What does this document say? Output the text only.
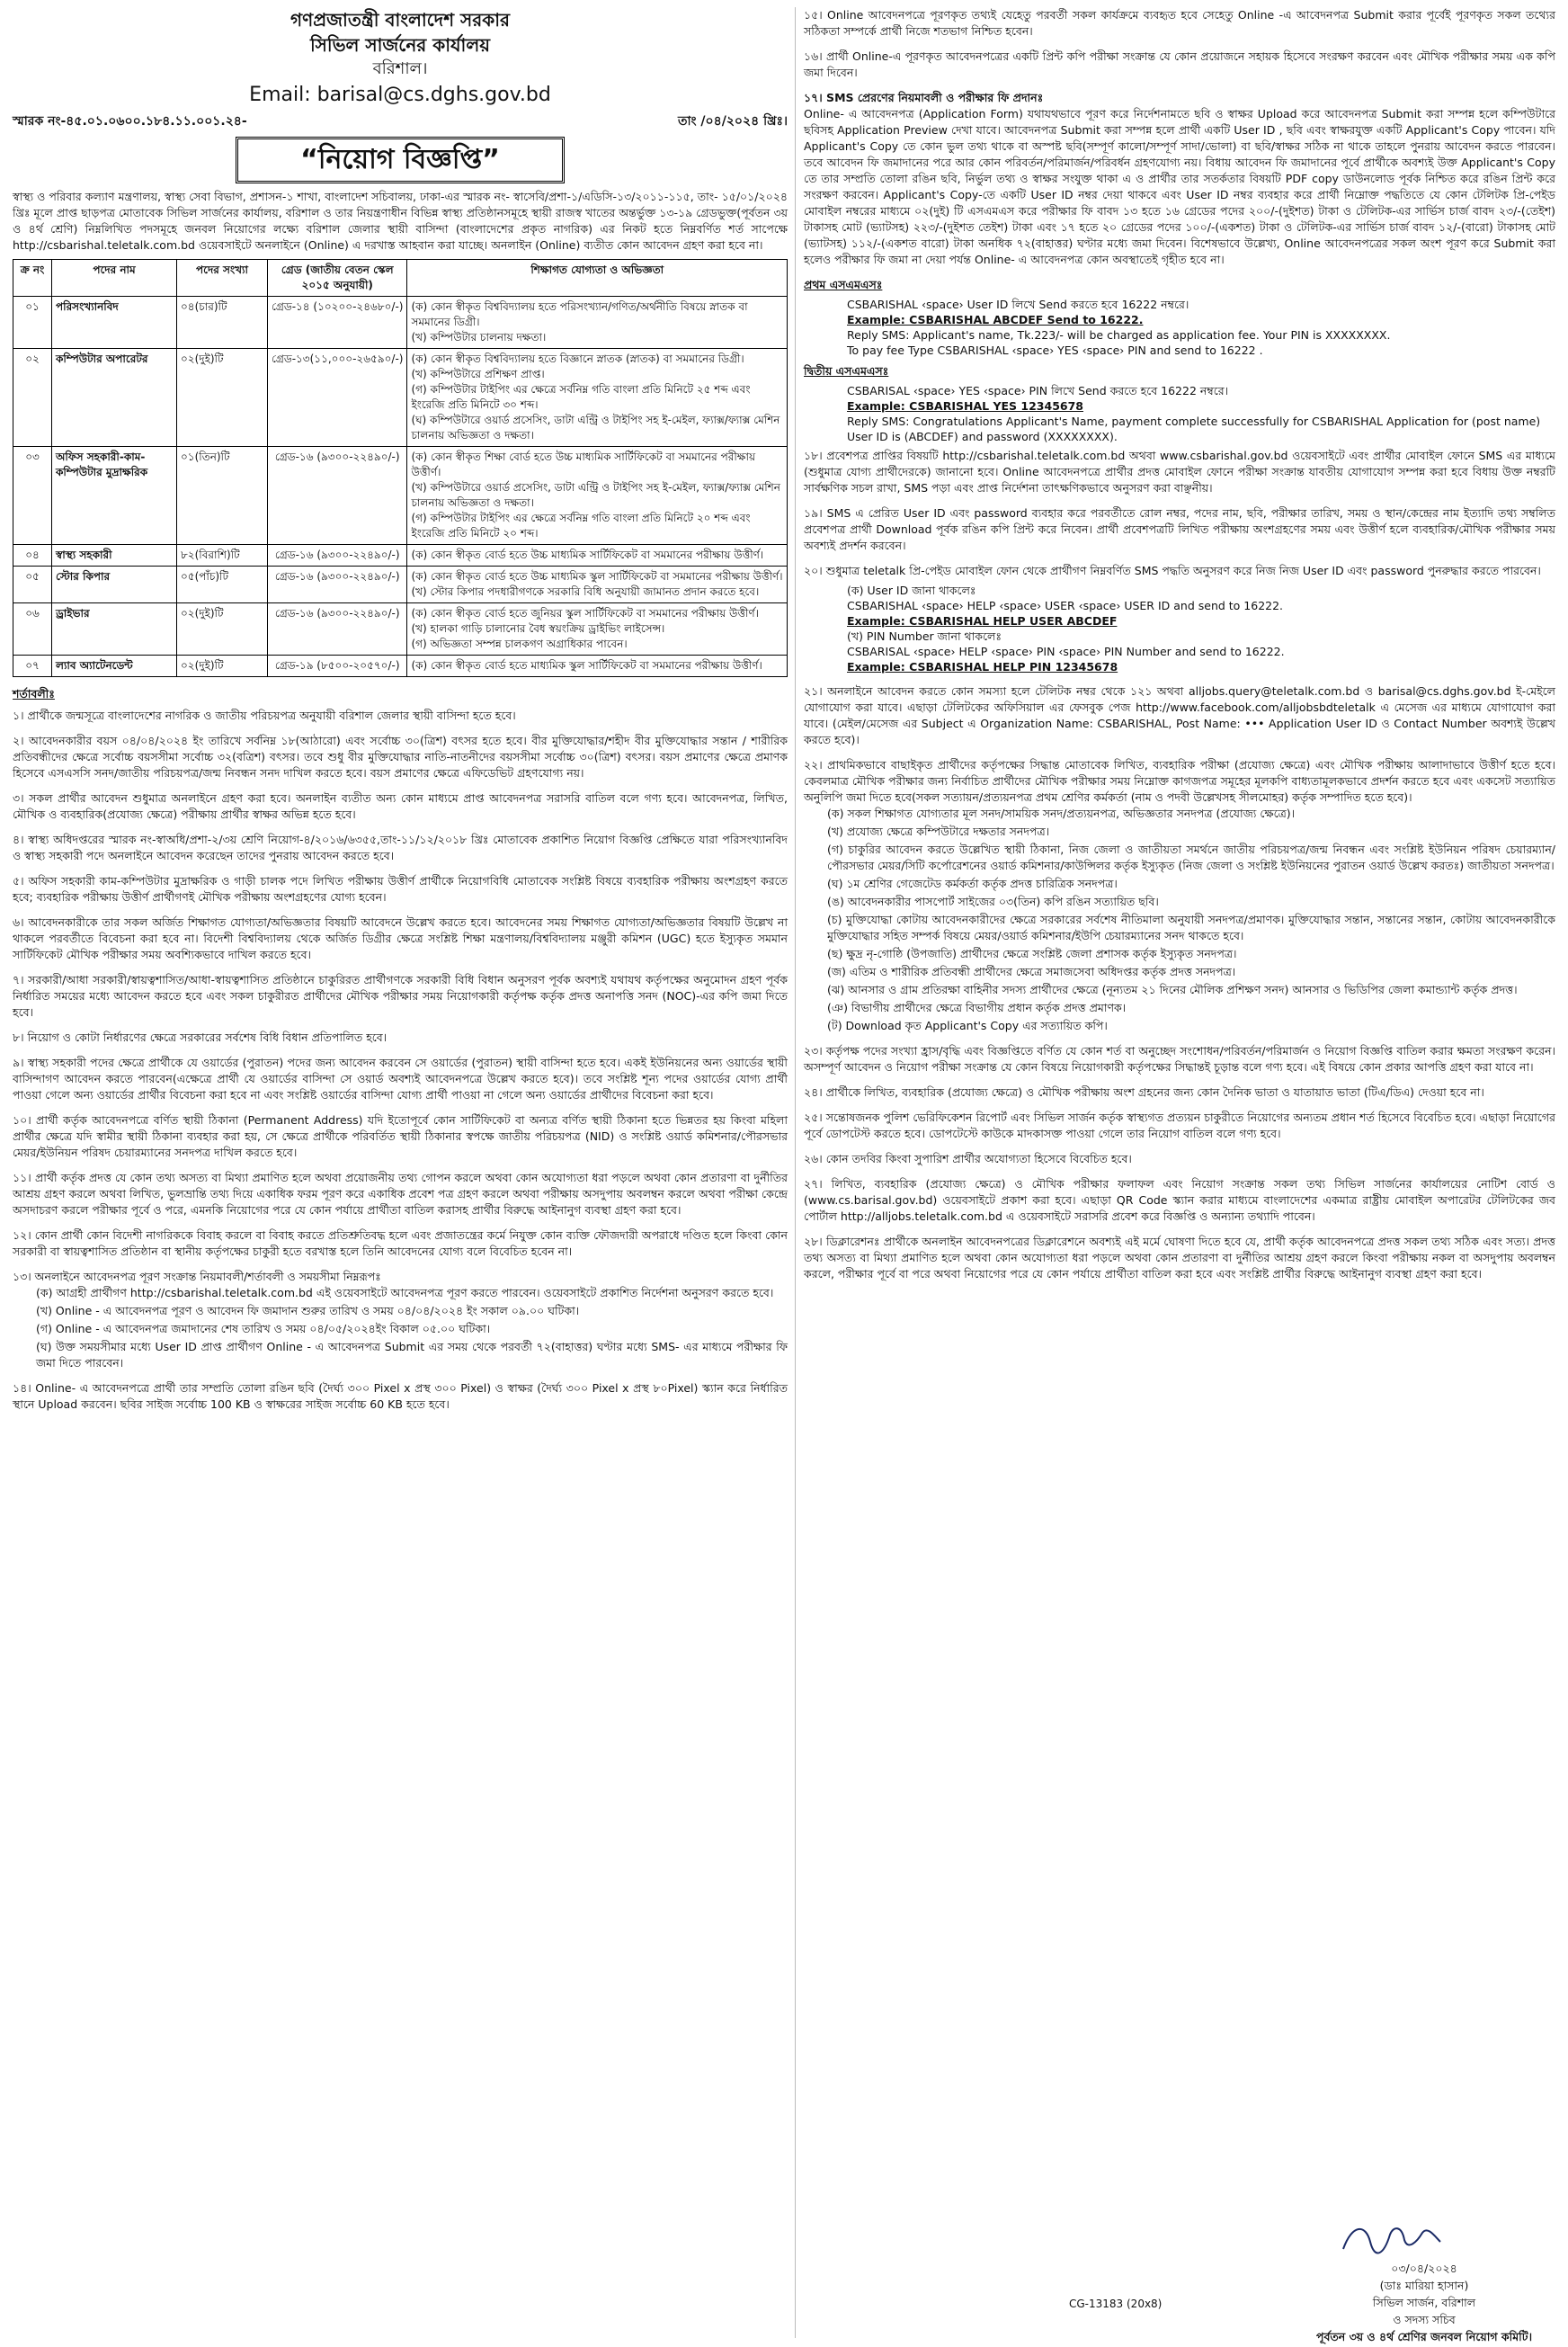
গণপ্রজাতন্ত্রী বাংলাদেশ সরকার
সিভিল সার্জনের কার্যালয়
বরিশাল।
Email: barisal@cs.dghs.gov.bd
স্মারক নং-৪৫.০১.০৬০০.১৮৪.১১.০০১.২৪-	তাং /০৪/২০২৪ খ্রিঃ।
“নিয়োগ বিজ্ঞপ্তি”

স্বাস্থ্য ও পরিবার কল্যাণ মন্ত্রণালয়, স্বাস্থ্য সেবা বিভাগ, প্রশাসন-১ শাখা, বাংলাদেশ সচিবালয়, ঢাকা-এর স্মারক নং- স্বাসেবি/প্রশা-১/এডিসি-১৩/২০১১-১১৫, তাং- ১৫/০১/২০২৪ খ্রিঃ মূলে প্রাপ্ত ছাড়পত্র মোতাবেক সিভিল সার্জনের কার্যালয়, বরিশাল ও তার নিয়ন্ত্রণাধীন বিভিন্ন স্বাস্থ্য প্রতিষ্ঠানসমূহে স্থায়ী রাজস্ব খাতের অন্তর্ভুক্ত ১৩-১৯ গ্রেডভুক্ত(পূর্বতন ৩য় ও ৪র্থ শ্রেণি) নিম্নলিখিত পদসমূহে জনবল নিয়োগের লক্ষ্যে বরিশাল জেলার স্থায়ী বাসিন্দা (বাংলাদেশের প্রকৃত নাগরিক) এর নিকট হতে নিম্নবর্ণিত শর্ত সাপেক্ষে http://csbarishal.teletalk.com.bd ওয়েবসাইটে অনলাইনে (Online) এ দরখাস্ত আহবান করা যাচ্ছে। অনলাইন (Online) ব্যতীত কোন আবেদন গ্রহণ করা হবে না।

ক্র নং	পদের নাম	পদের সংখ্যা	গ্রেড (জাতীয় বেতন স্কেল ২০১৫ অনুযায়ী)	শিক্ষাগত যোগ্যতা ও অভিজ্ঞতা
০১	পরিসংখ্যানবিদ	০৪(চার)টি	গ্রেড-১৪ (১০২০০-২৪৬৮০/-)	(ক) কোন স্বীকৃত বিশ্ববিদ্যালয় হতে পরিসংখ্যান/গণিত/অর্থনীতি বিষয়ে স্নাতক বা সমমানের ডিগ্রী।
(খ) কম্পিউটার চালনায় দক্ষতা।

০২	কম্পিউটার অপারেটর	০২(দুই)টি	গ্রেড-১৩(১১,০০০-২৬৫৯০/-)	(ক) কোন স্বীকৃত বিশ্ববিদ্যালয় হতে বিজ্ঞানে স্নাতক (স্নাতক) বা সমমানের ডিগ্রী।
(খ) কম্পিউটারে প্রশিক্ষণ প্রাপ্ত।
(গ) কম্পিউটার টাইপিং এর ক্ষেত্রে সর্বনিম্ন গতি বাংলা প্রতি মিনিটে ২৫ শব্দ এবং ইংরেজি প্রতি মিনিটে ৩০ শব্দ।
(ঘ) কম্পিউটারে ওয়ার্ড প্রসেসিং, ডাটা এন্ট্রি ও টাইপিং সহ ই-মেইল, ফ্যাক্স/ফ্যাক্স মেশিন চালনায় অভিজ্ঞতা ও দক্ষতা।

০৩	অফিস সহকারী-কাম-কম্পিউটার মুদ্রাক্ষরিক	০১(তিন)টি	গ্রেড-১৬ (৯৩০০-২২৪৯০/-)	(ক) কোন স্বীকৃত শিক্ষা বোর্ড হতে উচ্চ মাধ্যমিক সার্টিফিকেট বা সমমানের পরীক্ষায় উত্তীর্ণ।
(খ) কম্পিউটারে ওয়ার্ড প্রসেসিং, ডাটা এন্ট্রি ও টাইপিং সহ ই-মেইল, ফ্যাক্স/ফ্যাক্স মেশিন চালনায় অভিজ্ঞতা ও দক্ষতা।
(গ) কম্পিউটার টাইপিং এর ক্ষেত্রে সর্বনিম্ন গতি বাংলা প্রতি মিনিটে ২০ শব্দ এবং ইংরেজি প্রতি মিনিটে ২০ শব্দ।

০৪	স্বাস্থ্য সহকারী	৮২(বিরাশি)টি	গ্রেড-১৬ (৯৩০০-২২৪৯০/-)	(ক) কোন স্বীকৃত বোর্ড হতে উচ্চ মাধ্যমিক সার্টিফিকেট বা সমমানের পরীক্ষায় উত্তীর্ণ।

০৫	স্টোর কিপার	০৫(পাঁচ)টি	গ্রেড-১৬ (৯৩০০-২২৪৯০/-)	(ক) কোন স্বীকৃত বোর্ড হতে উচ্চ মাধ্যমিক স্কুল সার্টিফিকেট বা সমমানের পরীক্ষায় উত্তীর্ণ।
(খ) স্টোর কিপার পদধারীগণকে সরকারি বিধি অনুযায়ী জামানত প্রদান করতে হবে।

০৬	ড্রাইভার	০২(দুই)টি	গ্রেড-১৬ (৯৩০০-২২৪৯০/-)	(ক) কোন স্বীকৃত বোর্ড হতে জুনিয়র স্কুল সার্টিফিকেট বা সমমানের পরীক্ষায় উত্তীর্ণ।
(খ) হালকা গাড়ি চালানোর বৈধ স্বয়ংক্রিয় ড্রাইভিং লাইসেন্স।
(গ) অভিজ্ঞতা সম্পন্ন চালকগণ অগ্রাধিকার পাবেন।

০৭	ল্যাব অ্যাটেনডেন্ট	০২(দুই)টি	গ্রেড-১৯ (৮৫০০-২০৫৭০/-)	(ক) কোন স্বীকৃত বোর্ড হতে মাধ্যমিক স্কুল সার্টিফিকেট বা সমমানের পরীক্ষায় উত্তীর্ণ।
শর্তাবলীঃ
১। প্রার্থীকে জন্মসূত্রে বাংলাদেশের নাগরিক ও জাতীয় পরিচয়পত্র অনুযায়ী বরিশাল জেলার স্থায়ী বাসিন্দা হতে হবে।
২। আবেদনকারীর বয়স ০৪/০৪/২০২৪ ইং তারিখে সর্বনিম্ন ১৮(আঠারো) এবং সর্বোচ্চ ৩০(ত্রিশ) বৎসর হতে হবে। বীর মুক্তিযোদ্ধার/শহীদ বীর মুক্তিযোদ্ধার সন্তান / শারীরিক প্রতিবন্ধীদের ক্ষেত্রে সর্বোচ্চ বয়সসীমা সর্বোচ্চ ৩২(বত্রিশ) বৎসর। তবে শুধু বীর মুক্তিযোদ্ধার নাতি-নাতনীদের বয়সসীমা সর্বোচ্চ ৩০(ত্রিশ) বৎসর। বয়স প্রমাণের ক্ষেত্রে প্রমাণক হিসেবে এসএসসি সনদ/জাতীয় পরিচয়পত্র/জন্ম নিবন্ধন সনদ দাখিল করতে হবে। বয়স প্রমাণের ক্ষেত্রে এফিডেভিট গ্রহণযোগ্য নয়।
৩। সকল প্রার্থীর আবেদন শুধুমাত্র অনলাইনে গ্রহণ করা হবে। অনলাইন ব্যতীত অন্য কোন মাধ্যমে প্রাপ্ত আবেদনপত্র সরাসরি বাতিল বলে গণ্য হবে। আবেদনপত্র, লিখিত, মৌখিক ও ব্যবহারিক(প্রযোজ্য ক্ষেত্রে) পরীক্ষায় প্রার্থীর স্বাক্ষর অভিন্ন হতে হবে।
৪। স্বাস্থ্য অধিদপ্তরের স্মারক নং-স্বাঅধি/প্রশা-২/৩য় শ্রেণি নিয়োগ-৪/২০১৬/৬৩৫৫,তাং-১১/১২/২০১৮ খ্রিঃ মোতাবেক প্রকাশিত নিয়োগ বিজ্ঞপ্তি প্রেক্ষিতে যারা পরিসংখ্যানবিদ ও স্বাস্থ্য সহকারী পদে অনলাইনে আবেদন করেছেন তাদের পুনরায় আবেদন করতে হবে।
৫। অফিস সহকারী কাম-কম্পিউটার মুদ্রাক্ষরিক ও গাড়ী চালক পদে লিখিত পরীক্ষায় উত্তীর্ণ প্রার্থীকে নিয়োগবিধি মোতাবেক সংশ্লিষ্ট বিষয়ে ব্যবহারিক পরীক্ষায় অংশগ্রহণ করতে হবে; ব্যবহারিক পরীক্ষায় উত্তীর্ণ প্রার্থীগণই মৌখিক পরীক্ষায় অংশগ্রহণের যোগ্য হবেন।
৬। আবেদনকারীকে তার সকল অর্জিত শিক্ষাগত যোগ্যতা/অভিজ্ঞতার বিষয়টি আবেদনে উল্লেখ করতে হবে। আবেদনের সময় শিক্ষাগত যোগ্যতা/অভিজ্ঞতার বিষয়টি উল্লেখ না থাকলে পরবর্তীতে বিবেচনা করা হবে না। বিদেশী বিশ্ববিদ্যালয় থেকে অর্জিত ডিগ্রীর ক্ষেত্রে সংশ্লিষ্ট শিক্ষা মন্ত্রণালয়/বিশ্ববিদ্যালয় মঞ্জুরী কমিশন (UGC) হতে ইস্যুকৃত সমমান সার্টিফিকেট মৌখিক পরীক্ষার সময় অবশ্যিকভাবে দাখিল করতে হবে।
৭। সরকারী/আধা সরকারী/স্বায়ত্বশাসিত/আধা-স্বায়ত্বশাসিত প্রতিষ্ঠানে চাকুরিরত প্রার্থীগণকে সরকারী বিধি বিধান অনুসরণ পূর্বক অবশ্যই যথাযথ কর্তৃপক্ষের অনুমোদন গ্রহণ পূর্বক নির্ধারিত সময়ের মধ্যে আবেদন করতে হবে এবং সকল চাকুরীরত প্রার্থীদের মৌখিক পরীক্ষার সময় নিয়োগকারী কর্তৃপক্ষ কর্তৃক প্রদত্ত অনাপত্তি সনদ (NOC)-এর কপি জমা দিতে হবে।
৮। নিয়োগ ও কোটা নির্ধারণের ক্ষেত্রে সরকারের সর্বশেষ বিধি বিধান প্রতিপালিত হবে।
৯। স্বাস্থ্য সহকারী পদের ক্ষেত্রে প্রার্থীকে যে ওয়ার্ডের (পুরাতন) পদের জন্য আবেদন করবেন সে ওয়ার্ডের (পুরাতন) স্থায়ী বাসিন্দা হতে হবে। একই ইউনিয়নের অন্য ওয়ার্ডের স্থায়ী বাসিন্দাগণ আবেদন করতে পারবেন(এক্ষেত্রে প্রার্থী যে ওয়ার্ডের বাসিন্দা সে ওয়ার্ড অবশ্যই আবেদনপত্রে উল্লেখ করতে হবে)। তবে সংশ্লিষ্ট শূন্য পদের ওয়ার্ডের যোগ্য প্রার্থী পাওয়া গেলে অন্য ওয়ার্ডের প্রার্থীর বিবেচনা করা হবে না এবং সংশ্লিষ্ট ওয়ার্ডের বাসিন্দা যোগ্য প্রার্থী পাওয়া না গেলে অন্য ওয়ার্ডের প্রার্থীদের বিবেচনা করা হবে।
১০। প্রার্থী কর্তৃক আবেদনপত্রে বর্ণিত স্থায়ী ঠিকানা (Permanent Address) যদি ইতোপূর্বে কোন সার্টিফিকেট বা অন্যত্র বর্ণিত স্থায়ী ঠিকানা হতে ভিন্নতর হয় কিংবা মহিলা প্রার্থীর ক্ষেত্রে যদি স্বামীর স্থায়ী ঠিকানা ব্যবহার করা হয়, সে ক্ষেত্রে প্রার্থীকে পরিবর্তিত স্থায়ী ঠিকানার স্বপক্ষে জাতীয় পরিচয়পত্র (NID) ও সংশ্লিষ্ট ওয়ার্ড কমিশনার/পৌরসভার মেয়র/ইউনিয়ন পরিষদ চেয়ারম্যানের সনদপত্র দাখিল করতে হবে।
১১। প্রার্থী কর্তৃক প্রদত্ত যে কোন তথ্য অসত্য বা মিথ্যা প্রমাণিত হলে অথবা প্রয়োজনীয় তথ্য গোপন করলে অথবা কোন অযোগ্যতা ধরা পড়লে অথবা কোন প্রতারণা বা দুর্নীতির আশ্রয় গ্রহণ করলে অথবা লিখিত, ভুলভ্রান্তি তথ্য দিয়ে একাধিক ফরম পূরণ করে একাধিক প্রবেশ পত্র গ্রহণ করলে অথবা পরীক্ষায় অসদুপায় অবলম্বন করলে অথবা পরীক্ষা কেন্দ্রে অসদাচরণ করলে পরীক্ষার পূর্বে ও পরে, এমনকি নিয়োগের পরে যে কোন পর্যায়ে প্রার্থীতা বাতিল করাসহ প্রার্থীর বিরুদ্ধে আইনানুগ ব্যবস্থা গ্রহণ করা হবে।
১২। কোন প্রার্থী কোন বিদেশী নাগরিককে বিবাহ করলে বা বিবাহ করতে প্রতিশ্রুতিবদ্ধ হলে এবং প্রজাতন্ত্রের কর্মে নিযুক্ত কোন ব্যক্তি ফৌজদারী অপরাধে দণ্ডিত হলে কিংবা কোন সরকারী বা স্বায়ত্বশাসিত প্রতিষ্ঠান বা স্থানীয় কর্তৃপক্ষের চাকুরী হতে বরখাস্ত হলে তিনি আবেদনের যোগ্য বলে বিবেচিত হবেন না।
১৩। অনলাইনে আবেদনপত্র পূরণ সংক্রান্ত নিয়মাবলী/শর্তাবলী ও সময়সীমা নিম্নরূপঃ
(ক) আগ্রহী প্রার্থীগণ http://csbarishal.teletalk.com.bd এই ওয়েবসাইটে আবেদনপত্র পূরণ করতে পারবেন। ওয়েবসাইটে প্রকাশিত নির্দেশনা অনুসরণ করতে হবে।
(খ) Online - এ আবেদনপত্র পূরণ ও আবেদন ফি জমাদান শুরুর তারিখ ও সময় ০৪/০৪/২০২৪ ইং সকাল ০৯.০০ ঘটিকা।
(গ) Online - এ আবেদনপত্র জমাদানের শেষ তারিখ ও সময় ০৪/০৫/২০২৪ইং বিকাল ০৫.০০ ঘটিকা।
(ঘ) উক্ত সময়সীমার মধ্যে User ID প্রাপ্ত প্রার্থীগণ Online - এ আবেদনপত্র Submit এর সময় থেকে পরবর্তী ৭২(বাহাত্তর) ঘণ্টার মধ্যে SMS- এর মাধ্যমে পরীক্ষার ফি জমা দিতে পারবেন।
১৪। Online- এ আবেদনপত্রে প্রার্থী তার সম্প্রতি তোলা রঙিন ছবি (দৈর্ঘ্য ৩০০ Pixel x প্রস্থ ৩০০ Pixel) ও স্বাক্ষর (দৈর্ঘ্য ৩০০ Pixel x প্রস্থ ৮০Pixel) স্ক্যান করে নির্ধারিত স্থানে Upload করবেন। ছবির সাইজ সর্বোচ্চ 100 KB ও স্বাক্ষরের সাইজ সর্বোচ্চ 60 KB হতে হবে।
১৫। Online আবেদনপত্রে পূরণকৃত তথ্যই যেহেতু পরবর্তী সকল কার্যক্রমে ব্যবহৃত হবে সেহেতু Online -এ আবেদনপত্র Submit করার পূর্বেই পূরণকৃত সকল তথ্যের সঠিকতা সম্পর্কে প্রার্থী নিজে শতভাগ নিশ্চিত হবেন।
১৬। প্রার্থী Online-এ পূরণকৃত আবেদনপত্রের একটি প্রিন্ট কপি পরীক্ষা সংক্রান্ত যে কোন প্রয়োজনে সহায়ক হিসেবে সংরক্ষণ করবেন এবং মৌখিক পরীক্ষার সময় এক কপি জমা দিবেন।
১৭। SMS প্রেরণের নিয়মাবলী ও পরীক্ষার ফি প্রদানঃ
Online- এ আবেদনপত্র (Application Form) যথাযথভাবে পূরণ করে নির্দেশনামতে ছবি ও স্বাক্ষর Upload করে আবেদনপত্র Submit করা সম্পন্ন হলে কম্পিউটারে ছবিসহ Application Preview দেখা যাবে। আবেদনপত্র Submit করা সম্পন্ন হলে প্রার্থী একটি User ID , ছবি এবং স্বাক্ষরযুক্ত একটি Applicant's Copy পাবেন। যদি Applicant's Copy তে কোন ভুল তথ্য থাকে বা অস্পষ্ট ছবি(সম্পূর্ণ কালো/সম্পূর্ণ সাদা/ভোলা) বা ছবি/স্বাক্ষর সঠিক না থাকে তাহলে পুনরায় আবেদন করতে পারবেন। তবে আবেদন ফি জমাদানের পরে আর কোন পরিবর্তন/পরিমার্জন/পরিবর্ধন গ্রহণযোগ্য নয়। বিধায় আবেদন ফি জমাদানের পূর্বে প্রার্থীকে অবশ্যই উক্ত Applicant's Copy তে তার সম্প্রতি তোলা রঙিন ছবি, নির্ভুল তথ্য ও স্বাক্ষর সংযুক্ত থাকা এ ও প্রার্থীর তার সতর্কতার বিষয়টি PDF copy ডাউনলোড পূর্বক নিশ্চিত করে রঙিন প্রিন্ট করে সংরক্ষণ করবেন। Applicant's Copy-তে একটি User ID নম্বর দেয়া থাকবে এবং User ID নম্বর ব্যবহার করে প্রার্থী নিম্নোক্ত পদ্ধতিতে যে কোন টেলিটক প্রি-পেইড মোবাইল নম্বরের মাধ্যমে ০২(দুই) টি এসএমএস করে পরীক্ষার ফি বাবদ ১৩ হতে ১৬ গ্রেডের পদের ২০০/-(দুইশত) টাকা ও টেলিটক-এর সার্ভিস চার্জ বাবদ ২৩/-(তেইশ) টাকাসহ মোট (ভ্যাটসহ) ২২৩/-(দুইশত তেইশ) টাকা এবং ১৭ হতে ২০ গ্রেডের পদের ১০০/-(একশত) টাকা ও টেলিটক-এর সার্ভিস চার্জ বাবদ ১২/-(বারো) টাকাসহ মোট (ভ্যাটসহ) ১১২/-(একশত বারো) টাকা অনধিক ৭২(বাহাত্তর) ঘণ্টার মধ্যে জমা দিবেন। বিশেষভাবে উল্লেখ্য, Online আবেদনপত্রের সকল অংশ পূরণ করে Submit করা হলেও পরীক্ষার ফি জমা না দেয়া পর্যন্ত Online- এ আবেদনপত্র কোন অবস্থাতেই গৃহীত হবে না।
প্রথম এসএমএসঃ
CSBARISHAL ‹space› User ID লিখে Send করতে হবে 16222 নম্বরে।
Example: CSBARISHAL ABCDEF Send to 16222.
Reply SMS: Applicant's name, Tk.223/- will be charged as application fee. Your PIN is XXXXXXXX.
To pay fee Type CSBARISHAL ‹space› YES ‹space› PIN and send to 16222 .
দ্বিতীয় এসএমএসঃ
CSBARISAL ‹space› YES ‹space› PIN লিখে Send করতে হবে 16222 নম্বরে।
Example: CSBARISHAL YES 12345678
Reply SMS: Congratulations Applicant's Name, payment complete successfully for CSBARISHAL Application for (post name) User ID is (ABCDEF) and password (XXXXXXXX).
১৮। প্রবেশপত্র প্রাপ্তির বিষয়টি http://csbarishal.teletalk.com.bd অথবা www.csbarishal.gov.bd ওয়েবসাইটে এবং প্রার্থীর মোবাইল ফোনে SMS এর মাধ্যমে (শুধুমাত্র যোগ্য প্রার্থীদেরকে) জানানো হবে। Online আবেদনপত্রে প্রার্থীর প্রদত্ত মোবাইল ফোনে পরীক্ষা সংক্রান্ত যাবতীয় যোগাযোগ সম্পন্ন করা হবে বিধায় উক্ত নম্বরটি সার্বক্ষণিক সচল রাখা, SMS পড়া এবং প্রাপ্ত নির্দেশনা তাৎক্ষণিকভাবে অনুসরণ করা বাঞ্ছনীয়।
১৯। SMS এ প্রেরিত User ID এবং password ব্যবহার করে পরবর্তীতে রোল নম্বর, পদের নাম, ছবি, পরীক্ষার তারিখ, সময় ও স্থান/কেন্দ্রের নাম ইত্যাদি তথ্য সম্বলিত প্রবেশপত্র প্রার্থী Download পূর্বক রঙিন কপি প্রিন্ট করে নিবেন। প্রার্থী প্রবেশপত্রটি লিখিত পরীক্ষায় অংশগ্রহণের সময় এবং উত্তীর্ণ হলে ব্যবহারিক/মৌখিক পরীক্ষার সময় অবশ্যই প্রদর্শন করবেন।
২০। শুধুমাত্র teletalk প্রি-পেইড মোবাইল ফোন থেকে প্রার্থীগণ নিম্নবর্ণিত SMS পদ্ধতি অনুসরণ করে নিজ নিজ User ID এবং password পুনরুদ্ধার করতে পারবেন।
(ক) User ID জানা থাকলেঃ
CSBARISHAL ‹space› HELP ‹space› USER ‹space› USER ID and send to 16222.
Example: CSBARISHAL HELP USER ABCDEF
(খ) PIN Number জানা থাকলেঃ
CSBARISAL ‹space› HELP ‹space› PIN ‹space› PIN Number and send to 16222.
Example: CSBARISHAL HELP PIN 12345678
২১। অনলাইনে আবেদন করতে কোন সমস্যা হলে টেলিটক নম্বর থেকে ১২১ অথবা alljobs.query@teletalk.com.bd ও barisal@cs.dghs.gov.bd ই-মেইলে যোগাযোগ করা যাবে। এছাড়া টেলিটকের অফিসিয়াল এর ফেসবুক পেজ http://www.facebook.com/alljobsbdteletalk এ মেসেজ এর মাধ্যমে যোগাযোগ করা যাবে। (মেইল/মেসেজ এর Subject এ Organization Name: CSBARISHAL, Post Name: ••• Application User ID ও Contact Number অবশ্যই উল্লেখ করতে হবে)।
২২। প্রাথমিকভাবে বাছাইকৃত প্রার্থীদের কর্তৃপক্ষের সিদ্ধান্ত মোতাবেক লিখিত, ব্যবহারিক পরীক্ষা (প্রযোজ্য ক্ষেত্রে) এবং মৌখিক পরীক্ষায় আলাদাভাবে উত্তীর্ণ হতে হবে। কেবলমাত্র মৌখিক পরীক্ষার জন্য নির্বাচিত প্রার্থীদের মৌখিক পরীক্ষার সময় নিম্নোক্ত কাগজপত্র সমূহের মূলকপি বাধ্যতামূলকভাবে প্রদর্শন করতে হবে এবং একসেট সত্যায়িত অনুলিপি জমা দিতে হবে(সকল সত্যায়ন/প্রত্যয়নপত্র প্রথম শ্রেণির কর্মকর্তা (নাম ও পদবী উল্লেখসহ সীলমোহর) কর্তৃক সম্পাদিত হতে হবে)।
(ক) সকল শিক্ষাগত যোগ্যতার মূল সনদ/সাময়িক সনদ/প্রত্যয়নপত্র, অভিজ্ঞতার সনদপত্র (প্রযোজ্য ক্ষেত্রে)।
(খ) প্রযোজ্য ক্ষেত্রে কম্পিউটারে দক্ষতার সনদপত্র।
(গ) চাকুরির আবেদন করতে উল্লেখিত স্থায়ী ঠিকানা, নিজ জেলা ও জাতীয়তা সমর্থনে জাতীয় পরিচয়পত্র/জন্ম নিবন্ধন এবং সংশ্লিষ্ট ইউনিয়ন পরিষদ চেয়ারম্যান/পৌরসভার মেয়র/সিটি কর্পোরেশনের ওয়ার্ড কমিশনার/কাউন্সিলর কর্তৃক ইস্যুকৃত (নিজ জেলা ও সংশ্লিষ্ট ইউনিয়নের পুরাতন ওয়ার্ড উল্লেখ করতঃ) জাতীয়তা সনদপত্র।
(ঘ) ১ম শ্রেণির গেজেটেড কর্মকর্তা কর্তৃক প্রদত্ত চারিত্রিক সনদপত্র।
(ঙ) আবেদনকারীর পাসপোর্ট সাইজের ০৩(তিন) কপি রঙিন সত্যায়িত ছবি।
(চ) মুক্তিযোদ্ধা কোটায় আবেদনকারীদের ক্ষেত্রে সরকারের সর্বশেষ নীতিমালা অনুযায়ী সনদপত্র/প্রমাণক। মুক্তিযোদ্ধার সন্তান, সন্তানের সন্তান, কোটায় আবেদনকারীকে মুক্তিযোদ্ধার সহিত সম্পর্ক বিষয়ে মেয়র/ওয়ার্ড কমিশনার/ইউপি চেয়ারম্যানের সনদ থাকতে হবে।
(ছ) ক্ষুদ্র নৃ-গোষ্ঠি (উপজাতি) প্রার্থীদের ক্ষেত্রে সংশ্লিষ্ট জেলা প্রশাসক কর্তৃক ইস্যুকৃত সনদপত্র।
(জ) এতিম ও শারীরিক প্রতিবন্ধী প্রার্থীদের ক্ষেত্রে সমাজসেবা অধিদপ্তর কর্তৃক প্রদত্ত সনদপত্র।
(ঝ) আনসার ও গ্রাম প্রতিরক্ষা বাহিনীর সদস্য প্রার্থীদের ক্ষেত্রে (নূন্যতম ২১ দিনের মৌলিক প্রশিক্ষণ সনদ) আনসার ও ভিডিপির জেলা কমান্ড্যান্ট কর্তৃক প্রদত্ত।
(ঞ) বিভাগীয় প্রার্থীদের ক্ষেত্রে বিভাগীয় প্রধান কর্তৃক প্রদত্ত প্রমাণক।
(ট) Download কৃত Applicant's Copy এর সত্যায়িত কপি।
২৩। কর্তৃপক্ষ পদের সংখ্যা হ্রাস/বৃদ্ধি এবং বিজ্ঞপ্তিতে বর্ণিত যে কোন শর্ত বা অনুচ্ছেদ সংশোধন/পরিবর্তন/পরিমার্জন ও নিয়োগ বিজ্ঞপ্তি বাতিল করার ক্ষমতা সংরক্ষণ করেন। অসম্পূর্ণ আবেদন ও নিয়োগ পরীক্ষা সংক্রান্ত যে কোন বিষয়ে নিয়োগকারী কর্তৃপক্ষের সিদ্ধান্তই চূড়ান্ত বলে গণ্য হবে। এই বিষয়ে কোন প্রকার আপত্তি গ্রহণ করা যাবে না।
২৪। প্রার্থীকে লিখিত, ব্যবহারিক (প্রযোজ্য ক্ষেত্রে) ও মৌখিক পরীক্ষায় অংশ গ্রহনের জন্য কোন দৈনিক ভাতা ও যাতায়াত ভাতা (টিএ/ডিএ) দেওয়া হবে না।
২৫। সন্তোষজনক পুলিশ ভেরিফিকেশন রিপোর্ট এবং সিভিল সার্জন কর্তৃক স্বাস্থ্যগত প্রত্যয়ন চাকুরীতে নিয়োগের অন্যতম প্রধান শর্ত হিসেবে বিবেচিত হবে। এছাড়া নিয়োগের পূর্বে ডোপটেস্ট করতে হবে। ডোপটেস্টে কাউকে মাদকাসক্ত পাওয়া গেলে তার নিয়োগ বাতিল বলে গণ্য হবে।
২৬। কোন তদবির কিংবা সুপারিশ প্রার্থীর অযোগ্যতা হিসেবে বিবেচিত হবে।
২৭। লিখিত, ব্যবহারিক (প্রযোজ্য ক্ষেত্রে) ও মৌখিক পরীক্ষার ফলাফল এবং নিয়োগ সংক্রান্ত সকল তথ্য সিভিল সার্জনের কার্যালয়ের নোটিশ বোর্ড ও (www.cs.barisal.gov.bd) ওয়েবসাইটে প্রকাশ করা হবে। এছাড়া QR Code স্ক্যান করার মাধ্যমে বাংলাদেশের একমাত্র রাষ্ট্রীয় মোবাইল অপারেটর টেলিটকের জব পোর্টাল http://alljobs.teletalk.com.bd এ ওয়েবসাইটে সরাসরি প্রবেশ করে বিজ্ঞপ্তি ও অন্যান্য তথ্যাদি পাবেন।
২৮। ডিক্লারেশনঃ প্রার্থীকে অনলাইন আবেদনপত্রের ডিক্লারেশনে অবশ্যই এই মর্মে ঘোষণা দিতে হবে যে, প্রার্থী কর্তৃক আবেদনপত্রে প্রদত্ত সকল তথ্য সঠিক এবং সত্য। প্রদত্ত তথ্য অসত্য বা মিথ্যা প্রমাণিত হলে অথবা কোন অযোগ্যতা ধরা পড়লে অথবা কোন প্রতারণা বা দুর্নীতির আশ্রয় গ্রহণ করলে কিংবা পরীক্ষায় নকল বা অসদুপায় অবলম্বন করলে, পরীক্ষার পূর্বে বা পরে অথবা নিয়োগের পরে যে কোন পর্যায়ে প্রার্থীতা বাতিল করা হবে এবং সংশ্লিষ্ট প্রার্থীর বিরুদ্ধে আইনানুগ ব্যবস্থা গ্রহণ করা হবে।
CG-13183 (20x8)
০৩/০৪/২০২৪
(ডাঃ মারিয়া হাসান)
সিভিল সার্জন, বরিশাল
ও সদস্য সচিব
পূর্বতন ৩য় ও ৪র্থ শ্রেণির জনবল নিয়োগ কমিটি।
